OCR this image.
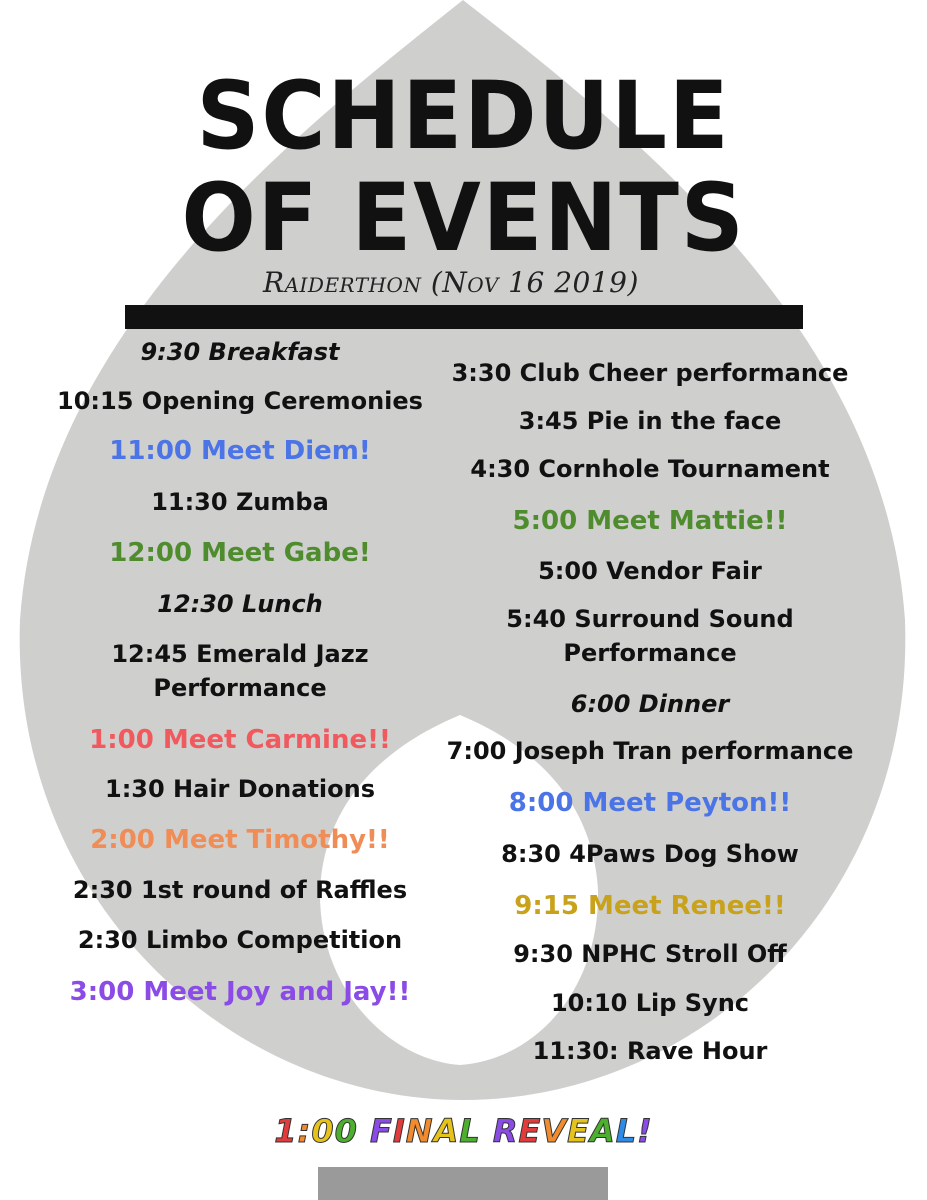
SCHEDULE
OF EVENTS
Raiderthon (Nov 16 2019)
9:30 Breakfast
10:15 Opening Ceremonies
11:00 Meet Diem!
11:30 Zumba
12:00 Meet Gabe!
12:30 Lunch
12:45 Emerald Jazz Performance
1:00 Meet Carmine!!
1:30 Hair Donations
2:00 Meet Timothy!!
2:30 1st round of Raffles
2:30 Limbo Competition
3:00 Meet Joy and Jay!!
3:30 Club Cheer performance
3:45 Pie in the face
4:30 Cornhole Tournament
5:00 Meet Mattie!!
5:00 Vendor Fair
5:40 Surround Sound Performance
6:00 Dinner
7:00 Joseph Tran performance
8:00 Meet Peyton!!
8:30 4Paws Dog Show
9:15 Meet Renee!!
9:30 NPHC Stroll Off
10:10 Lip Sync
11:30: Rave Hour
1:00 FINAL REVEAL!
